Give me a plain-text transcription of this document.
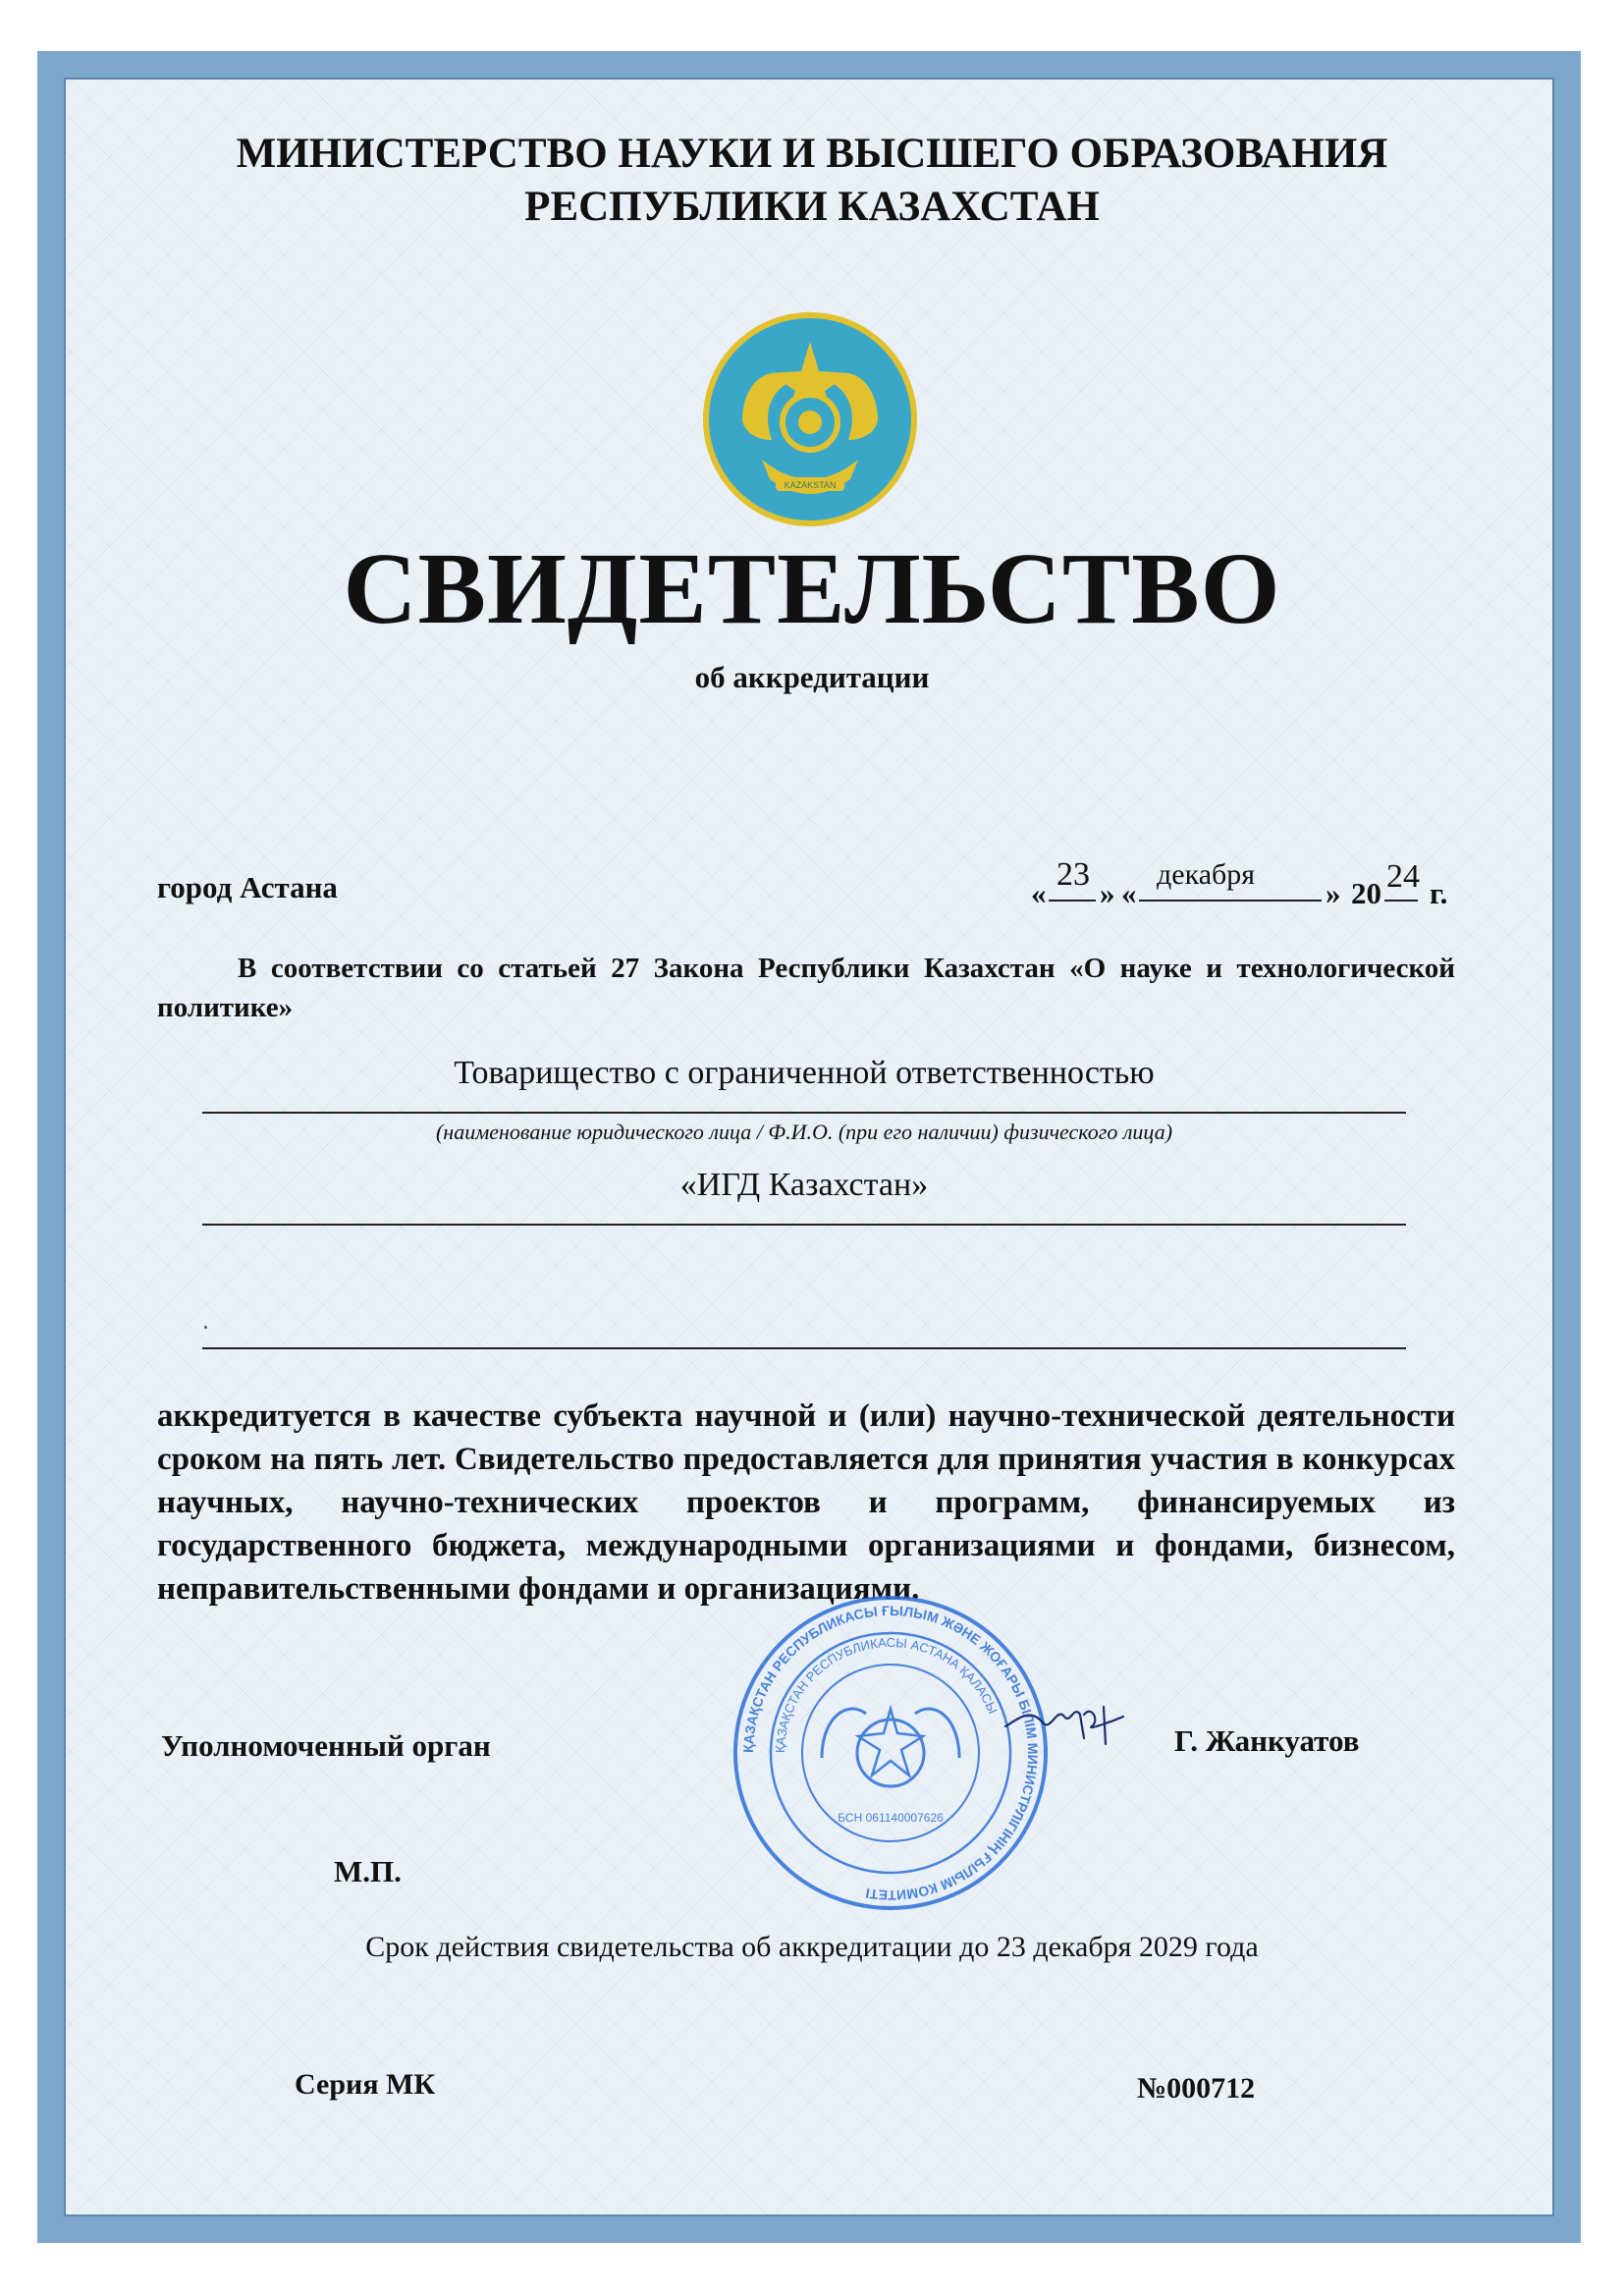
МИНИСТЕРСТВО НАУКИ И ВЫСШЕГО ОБРАЗОВАНИЯ
РЕСПУБЛИКИ КАЗАХСТАН
KAZAKSTAN
СВИДЕТЕЛЬСТВО
об аккредитации
город Астана	«
23
» «
декабря
» 20 24 г.
В соответствии со статьей 27 Закона Республики Казахстан «О науке и технологической политике»
Товарищество с ограниченной ответственностью
(наименование юридического лица / Ф.И.О. (при его наличии) физического лица)
«ИГД Казахстан»
аккредитуется в качестве субъекта научной и (или) научно-технической деятельности сроком на пять лет. Свидетельство предоставляется для принятия участия в конкурсах научных, научно-технических проектов и программ, финансируемых из государственного бюджета, международными организациями и фондами, бизнесом, неправительственными фондами и организациями.
Уполномоченный орган	Г. Жанкуатов
М.П.
ҚАЗАҚСТАН РЕСПУБЛИКАСЫ ҒЫЛЫМ ЖӘНЕ ЖОҒАРЫ БІЛІМ МИНИСТРЛІГІНІҢ ҒЫЛЫМ КОМИТЕТІ
ҚАЗАҚСТАН РЕСПУБЛИКАСЫ АСТАНА ҚАЛАСЫ
БСН 061140007626
Срок действия свидетельства об аккредитации до 23 декабря 2029 года
Серия МК	№000712
